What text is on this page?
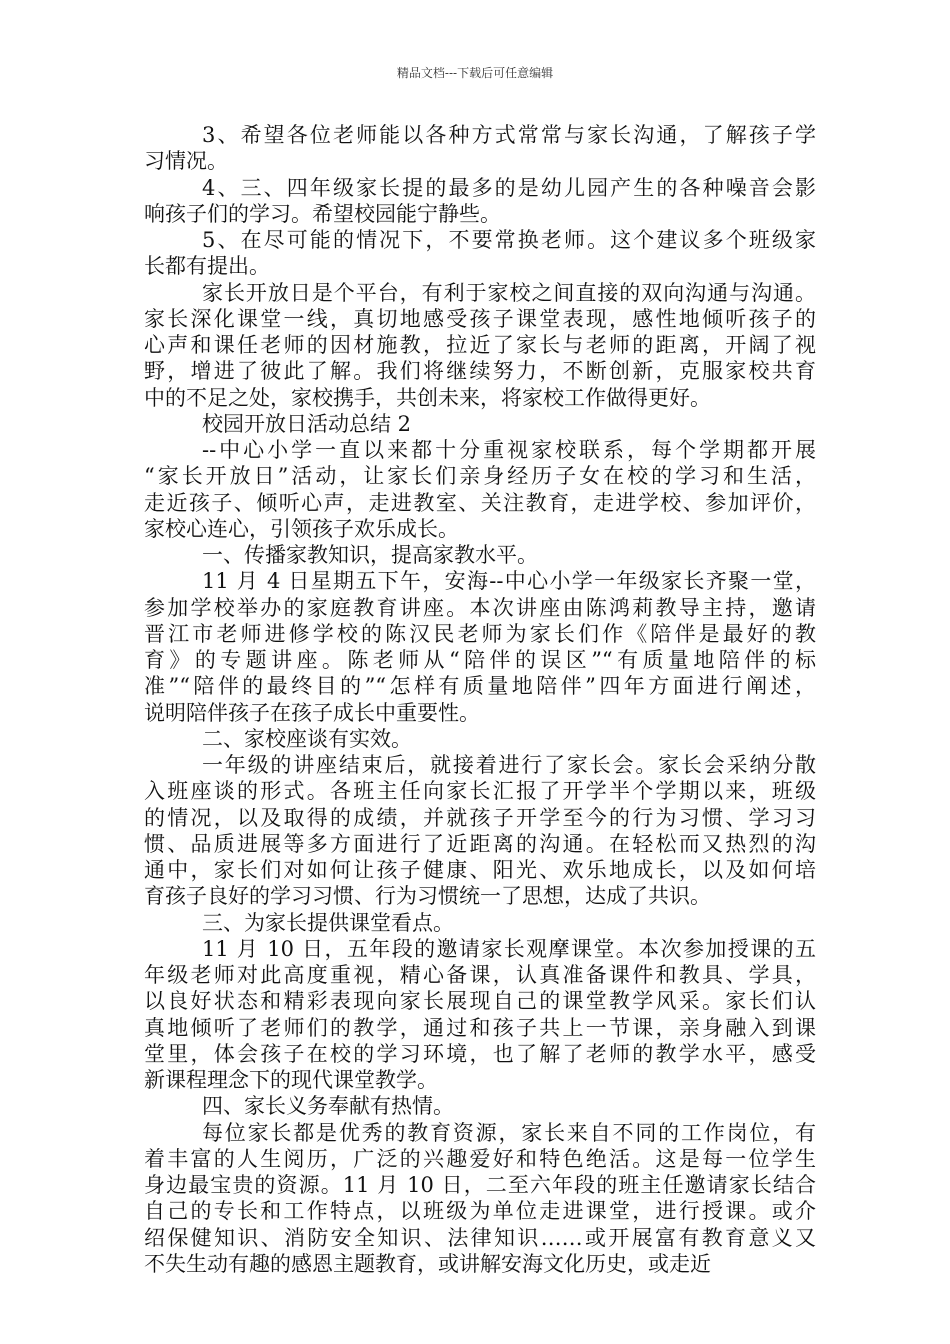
精品文档---下载后可任意编辑
3、希望各位老师能以各种方式常常与家长沟通，了解孩子学
习情况。
4、三、四年级家长提的最多的是幼儿园产生的各种噪音会影
响孩子们的学习。希望校园能宁静些。
5、在尽可能的情况下，不要常换老师。这个建议多个班级家
长都有提出。
家长开放日是个平台，有利于家校之间直接的双向沟通与沟通。
家长深化课堂一线，真切地感受孩子课堂表现，感性地倾听孩子的
心声和课任老师的因材施教，拉近了家长与老师的距离，开阔了视
野，增进了彼此了解。我们将继续努力，不断创新，克服家校共育
中的不足之处，家校携手，共创未来，将家校工作做得更好。
校园开放日活动总结 2
--中心小学一直以来都十分重视家校联系，每个学期都开展
“家长开放日”活动，让家长们亲身经历子女在校的学习和生活，
走近孩子、倾听心声，走进教室、关注教育，走进学校、参加评价，
家校心连心，引领孩子欢乐成长。
一、传播家教知识，提高家教水平。
11 月 4 日星期五下午，安海--中心小学一年级家长齐聚一堂，
参加学校举办的家庭教育讲座。本次讲座由陈鸿莉教导主持，邀请
晋江市老师进修学校的陈汉民老师为家长们作《陪伴是最好的教
育》的专题讲座。陈老师从“陪伴的误区”“有质量地陪伴的标
准”“陪伴的最终目的”“怎样有质量地陪伴”四年方面进行阐述，
说明陪伴孩子在孩子成长中重要性。
二、家校座谈有实效。
一年级的讲座结束后，就接着进行了家长会。家长会采纳分散
入班座谈的形式。各班主任向家长汇报了开学半个学期以来，班级
的情况，以及取得的成绩，并就孩子开学至今的行为习惯、学习习
惯、品质进展等多方面进行了近距离的沟通。在轻松而又热烈的沟
通中，家长们对如何让孩子健康、阳光、欢乐地成长，以及如何培
育孩子良好的学习习惯、行为习惯统一了思想，达成了共识。
三、为家长提供课堂看点。
11 月 10 日，五年段的邀请家长观摩课堂。本次参加授课的五
年级老师对此高度重视，精心备课，认真准备课件和教具、学具，
以良好状态和精彩表现向家长展现自己的课堂教学风采。家长们认
真地倾听了老师们的教学，通过和孩子共上一节课，亲身融入到课
堂里，体会孩子在校的学习环境，也了解了老师的教学水平，感受
新课程理念下的现代课堂教学。
四、家长义务奉献有热情。
每位家长都是优秀的教育资源，家长来自不同的工作岗位，有
着丰富的人生阅历，广泛的兴趣爱好和特色绝活。这是每一位学生
身边最宝贵的资源。11 月 10 日，二至六年段的班主任邀请家长结合
自己的专长和工作特点，以班级为单位走进课堂，进行授课。或介
绍保健知识、消防安全知识、法律知识……或开展富有教育意义又
不失生动有趣的感恩主题教育，或讲解安海文化历史，或走近
